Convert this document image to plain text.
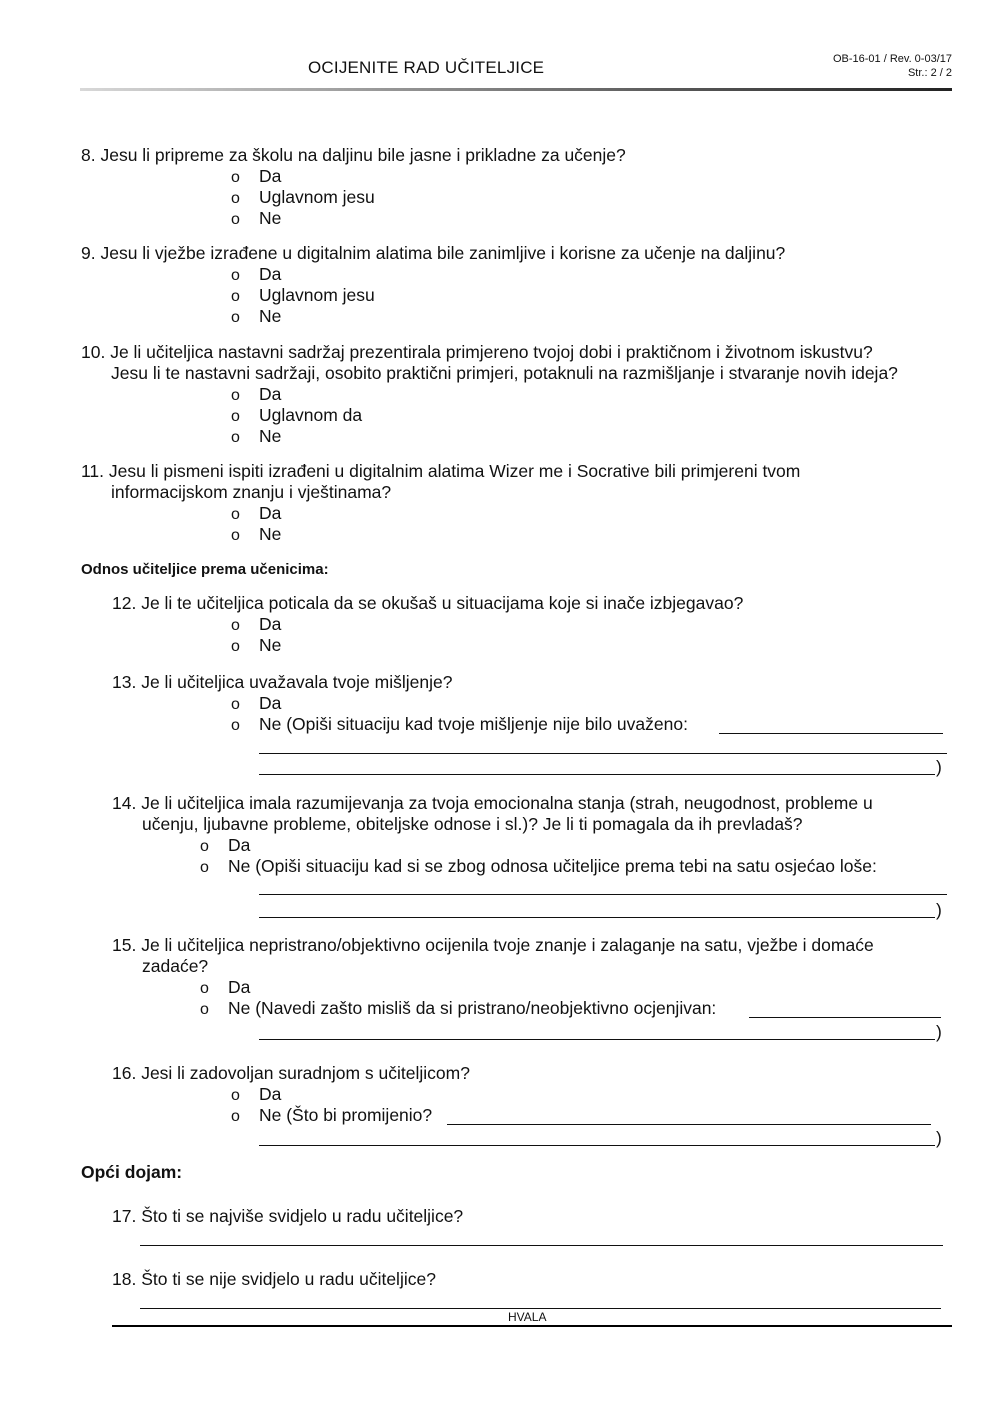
OCIJENITE RAD UČITELJICE	OB-16-01 / Rev. 0-03/17
Str.: 2 / 2
8. Jesu li pripreme za školu na daljinu bile jasne i prikladne za učenje?
o Da
o Uglavnom jesu
o Ne
9. Jesu li vježbe izrađene u digitalnim alatima bile zanimljive i korisne za učenje na daljinu?
o Da
o Uglavnom jesu
o Ne
10. Je li učiteljica nastavni sadržaj prezentirala primjereno tvojoj dobi i praktičnom i životnom iskustvu?
Jesu li te nastavni sadržaji, osobito praktični primjeri, potaknuli na razmišljanje i stvaranje novih ideja?
o Da
o Uglavnom da
o Ne
11. Jesu li pismeni ispiti izrađeni u digitalnim alatima Wizer me i Socrative bili primjereni tvom
informacijskom znanju i vještinama?
o Da
o Ne
Odnos učiteljice prema učenicima:
12. Je li te učiteljica poticala da se okušaš u situacijama koje si inače izbjegavao?
o Da
o Ne
13. Je li učiteljica uvažavala tvoje mišljenje?
o Da
o Ne (Opiši situaciju kad tvoje mišljenje nije bilo uvaženo:
)
14. Je li učiteljica imala razumijevanja za tvoja emocionalna stanja (strah, neugodnost, probleme u
učenju, ljubavne probleme, obiteljske odnose i sl.)? Je li ti pomagala da ih prevladaš?
o Da
o Ne (Opiši situaciju kad si se zbog odnosa učiteljice prema tebi na satu osjećao loše:
)
15. Je li učiteljica nepristrano/objektivno ocijenila tvoje znanje i zalaganje na satu, vježbe i domaće
zadaće?
o Da
o Ne (Navedi zašto misliš da si pristrano/neobjektivno ocjenjivan:
)
16. Jesi li zadovoljan suradnjom s učiteljicom?
o Da
o Ne (Što bi promijenio?
)
Opći dojam:
17. Što ti se najviše svidjelo u radu učiteljice?
18. Što ti se nije svidjelo u radu učiteljice?
HVALA
